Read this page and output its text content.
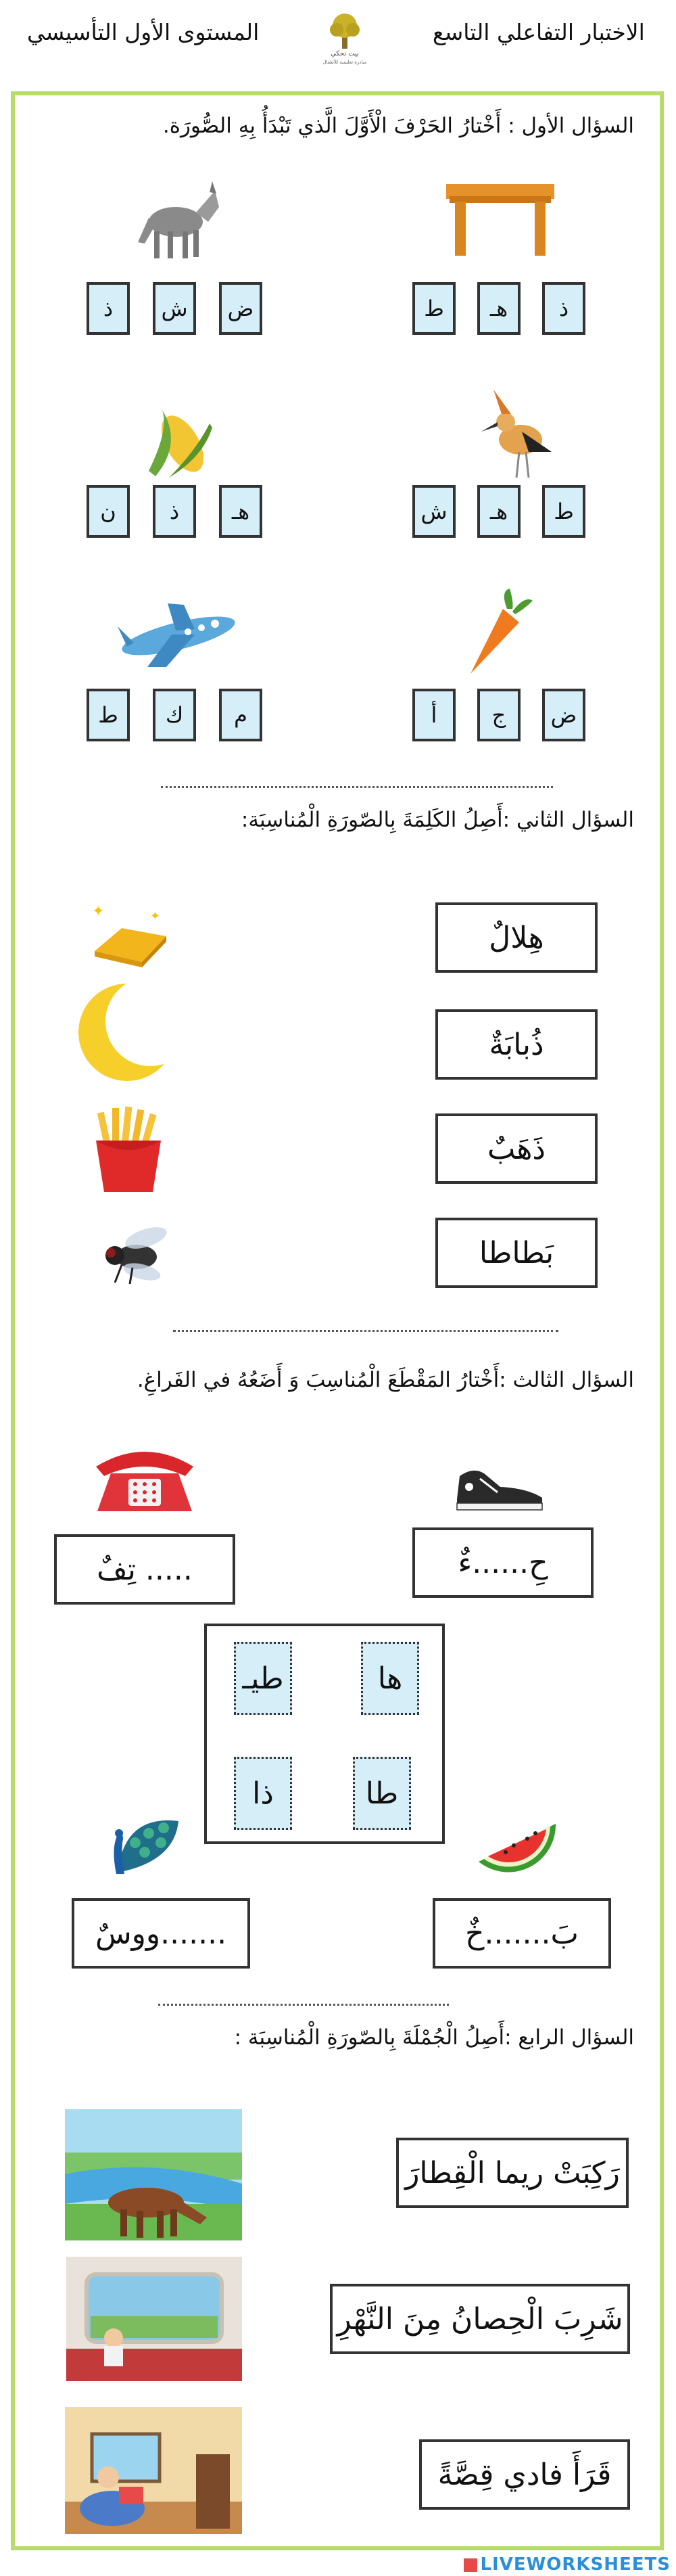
الاختبار التفاعلي التاسع
المستوى الأول التأسيسي
بيت نحكي
مبادرة تعليمية للأطفال
السؤال الأول : أَخْتارُ الحَرْفَ الْأَوَّلَ الَّذي تَبْدَأُ بِهِ الصُّورَة.
ذ
هـ
ط
ض
ش
ذ
ط
هـ
ش
هـ
ذ
ن
ض
ج
أ
م
ك
ط
السؤال الثاني :أَصِلُ الكَلِمَةَ بِالصّورَةِ الْمُناسِبَة:
✦	✦
هِلالٌ
ذُبابَةٌ
ذَهَبٌ
بَطاطا
السؤال الثالث :أَخْتارُ المَقْطَعَ الْمُناسِبَ وَ أَضَعُهُ في الفَراغِ.
..... تِفٌ	حِ......ءٌ
ها
طيـ
طا
ذا
.......ووسٌ	بَ.......خٌ
السؤال الرابع :أَصِلُ الْجُمْلَةَ بِالصّورَةِ الْمُناسِبَة :
رَكِبَتْ ريما الْقِطارَ
شَرِبَ الْحِصانُ مِنَ النَّهْرِ
قَرَأَ فادي قِصَّةً
LIVEWORKSHEETS
